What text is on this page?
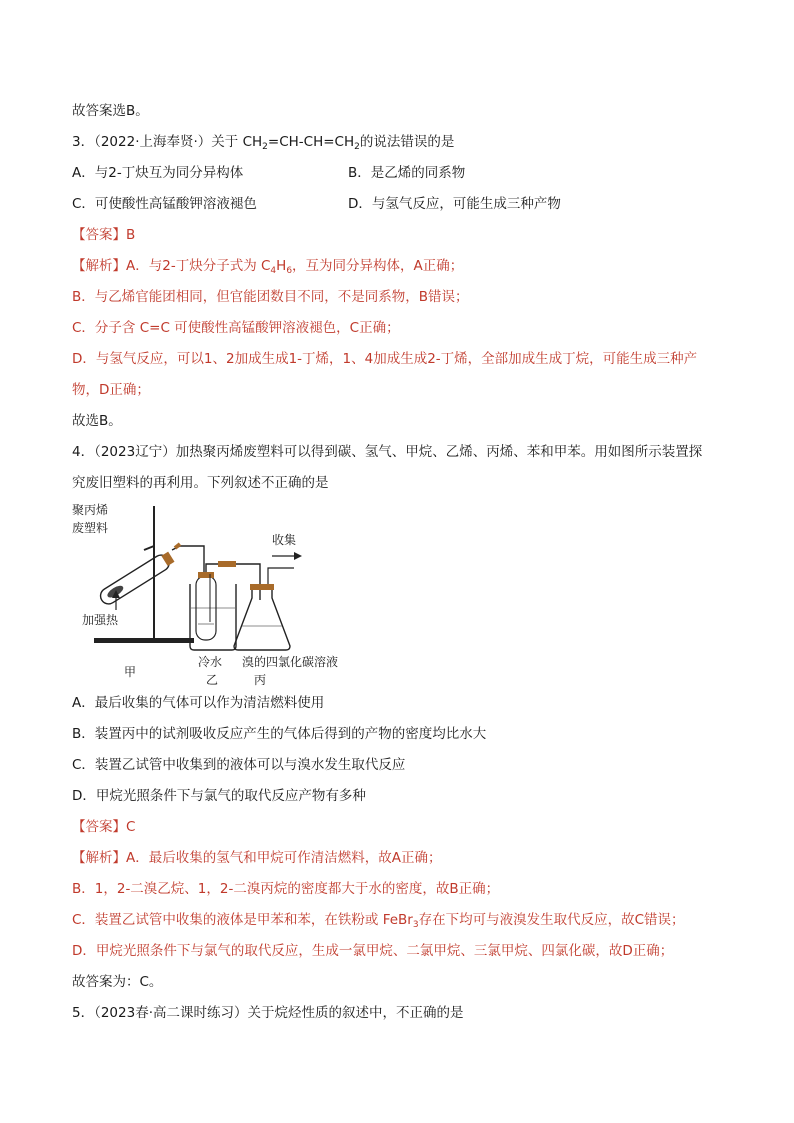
故答案选B。
3．（2022·上海奉贤·）关于 $CH_2=CH-CH=CH_2$的说法错误的是
A．与2-丁炔互为同分异构体	B．是乙烯的同系物
C．可使酸性高锰酸钾溶液褪色	D．与氢气反应，可能生成三种产物
【答案】B
【解析】A．与2-丁炔分子式为 $C_4H_6$，互为同分异构体，A正确；
B．与乙烯官能团相同，但官能团数目不同，不是同系物，B错误；
C．分子含 C=C 可使酸性高锰酸钾溶液褪色，C正确；
D．与氢气反应，可以1、2加成生成1-丁烯，1、4加成生成2-丁烯，全部加成生成丁烷，可能生成三种产
物，D正确；
故选B。
4．（2023辽宁）加热聚丙烯废塑料可以得到碳、氢气、甲烷、乙烯、丙烯、苯和甲苯。用如图所示装置探
究废旧塑料的再利用。下列叙述不正确的是
聚丙烯
废塑料
加强热
收集
甲
冷水
乙
溴的四氯化碳溶液
丙
A．最后收集的气体可以作为清洁燃料使用
B．装置丙中的试剂吸收反应产生的气体后得到的产物的密度均比水大
C．装置乙试管中收集到的液体可以与溴水发生取代反应
D．甲烷光照条件下与氯气的取代反应产物有多种
【答案】C
【解析】A．最后收集的氢气和甲烷可作清洁燃料，故A正确；
B．1，2-二溴乙烷、1，2-二溴丙烷的密度都大于水的密度，故B正确；
C．装置乙试管中收集的液体是甲苯和苯，在铁粉或 FeBr$_3$存在下均可与液溴发生取代反应，故C错误；
D．甲烷光照条件下与氯气的取代反应，生成一氯甲烷、二氯甲烷、三氯甲烷、四氯化碳，故D正确；
故答案为：C。
5．（2023春·高二课时练习）关于烷烃性质的叙述中，不正确的是
